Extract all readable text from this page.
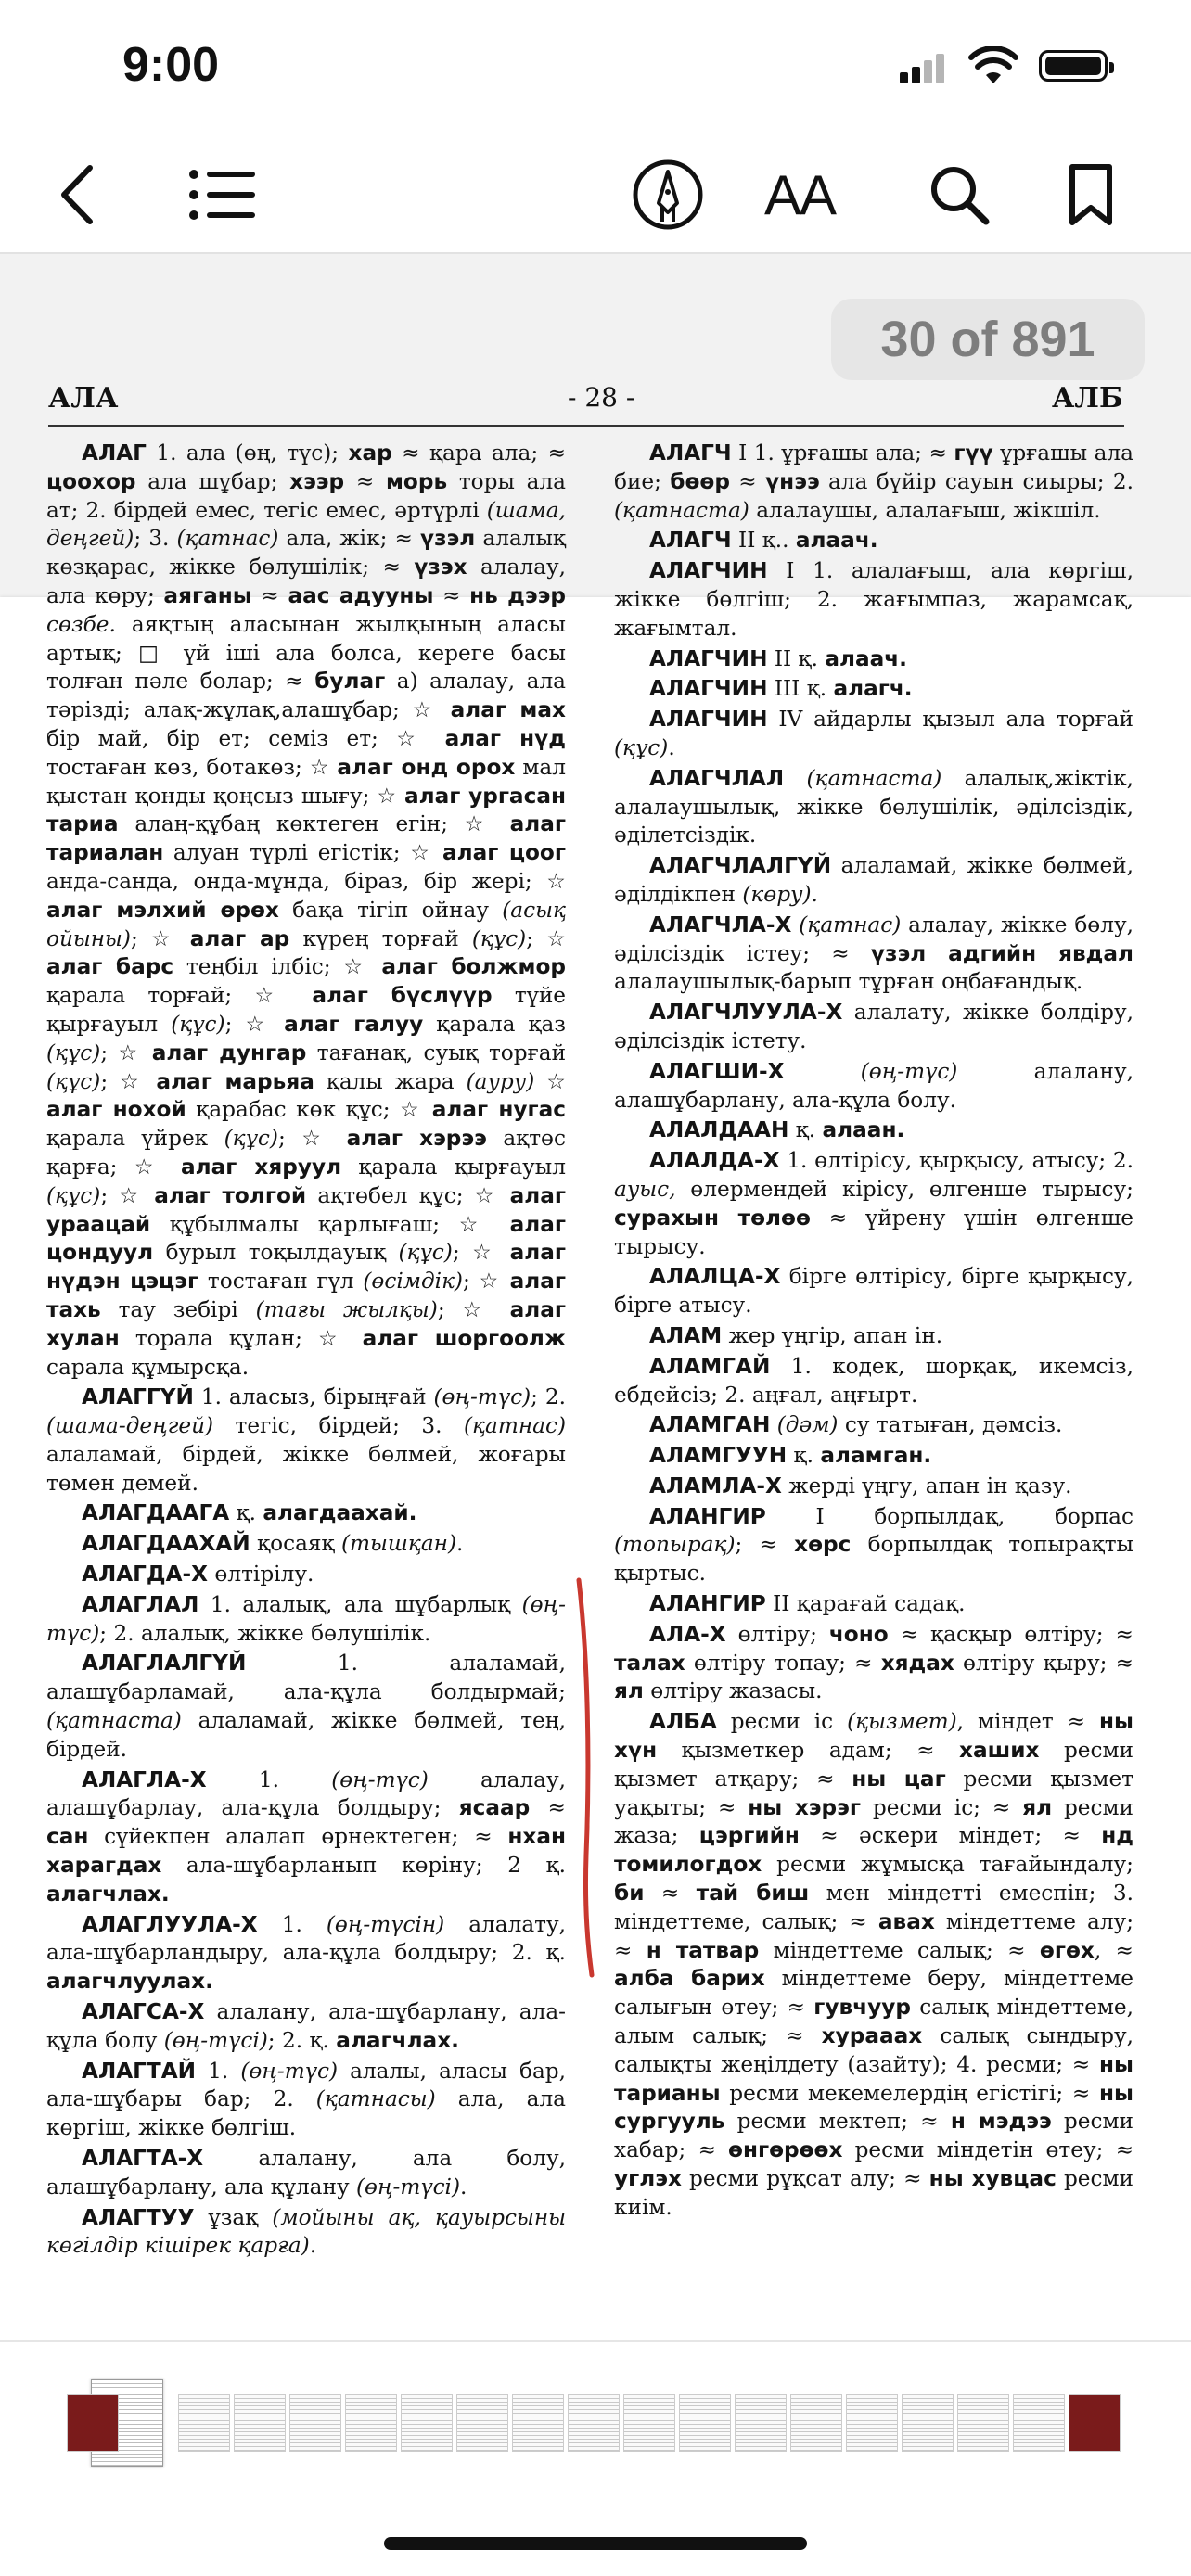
9:00
AA
30 of 891
АЛА	- 28 -	АЛБ

АЛАГ 1. ала (өң, түс); хар ≈ қара ала; ≈ цоохор ала шұбар; хээр ≈ морь торы ала ат; 2. бірдей емес, тегіс емес, әртүрлі (шама, деңгей); 3. (қатнас) ала, жік; ≈ үзэл алалық көзқарас, жікке бөлушілік; ≈ үзэх алалау, ала көру; аяганы ≈ аас адууны ≈ нь дээр сөзбе. аяқтың аласынан жылқының аласы артық; □ үй іші ала болса, кереге басы толған пәле болар; ≈ булаг а) алалау, ала тәрізді; алақ-жұлақ,алашұбар; ☆ алаг мах бір май, бір ет; семіз ет; ☆ алаг нүд тостаған көз, ботакөз; ☆ алаг онд орох мал қыстан қонды қоңсыз шығу; ☆ алаг ургасан тариа алаң-құбаң көктеген егін; ☆ алаг тариалан алуан түрлі егістік; ☆ алаг цоог анда-санда, онда-мұнда, бірaз, бір жері; ☆ алаг мэлхий өрөх бақа тігіп ойнау (асық ойыны); ☆ алаг ар күрең торғай (құс); ☆ алаг барс теңбіл ілбіс; ☆ алаг болжмор қарала торғай; ☆ алаг бүслүүр түйе қырғауыл (құс); ☆ алаг галуу қарала қаз (құс); ☆ алаг дунгар тағанақ, суық торғай (құс); ☆ алаг марьяа қалы жара (ауру) ☆ алаг нохой қарабас көк құс; ☆ алаг нугас қарала үйрек (құс); ☆ алаг хэрээ ақтөс қарға; ☆ алаг хяруул қарала қырғауыл (құс); ☆ алаг толгой ақтөбел құс; ☆ алаг ураацай құбылмалы қарлығаш; ☆ алаг цондуул бурыл тоқылдауық (құс); ☆ алаг нүдэн цэцэг тостаған гүл (өсімдік); ☆ алаг тахь тау зебірі (тағы жылқы); ☆ алаг хулан торала құлан; ☆ алаг шоргоолж сарала құмырсқа.

АЛАГГҮЙ 1. аласыз, бірыңғай (өң-түс); 2. (шама-деңгей) тегіс, бірдей; 3. (қатнас) алаламай, бірдей, жікке бөлмей, жоғары төмен демей.

АЛАГДААГА қ. алагдаахай.

АЛАГДААХАЙ қосаяқ (тышқан).

АЛАГДА-Х өлтірілу.

АЛАГЛАЛ 1. алалық, ала шұбарлық (өң-түс); 2. алалық, жікке бөлушілік.

АЛАГЛАЛГҮЙ 1. алаламай, алашұбарламай, ала-құла болдырмай; (қатнаста) алаламай, жікке бөлмей, тең, бірдей.

АЛАГЛА-Х 1. (өң-түс) алалау, алашұбарлау, ала-құла болдыру; ясаар ≈ сан сүйекпен алалап өрнектеген; ≈ нхан харагдах ала-шұбарланып көріну; 2 қ. алагчлах.

АЛАГЛУУЛА-Х 1. (өң-түсін) алалату, ала-шұбарландыру, ала-құла болдыру; 2. қ. алагчлуулах.

АЛАГСА-Х алалану, ала-шұбарлану, ала-құла болу (өң-түсі); 2. қ. алагчлах.

АЛАГТАЙ 1. (өң-түс) алалы, аласы бар, ала-шұбары бар; 2. (қатнасы) ала, ала көргіш, жікке бөлгіш.

АЛАГТА-Х алалану, ала болу, алашұбарлану, ала құлану (өң-түсі).

АЛАГТУУ ұзақ (мойыны ақ, қауырсыны көгілдір кішірек қарға).

АЛАГЧ I 1. ұрғашы ала; ≈ гүү ұрғашы ала бие; бөөр ≈ үнээ ала бүйір сауын сиыры; 2. (қатнаста) алалаушы, алалағыш, жікшіл.

АЛАГЧ II қ.. алаач.

АЛАГЧИН I 1. алалағыш, ала көргіш, жікке бөлгіш; 2. жағымпаз, жарамсақ, жағымтал.

АЛАГЧИН II қ. алаач.

АЛАГЧИН III қ. алагч.

АЛАГЧИН IV айдарлы қызыл ала торғай (құс).

АЛАГЧЛАЛ (қатнаста) алалық,жіктік, алалаушылық, жікке бөлушілік, әділсіздік, әділетсіздік.

АЛАГЧЛАЛГҮЙ алаламай, жікке бөлмей, әділдікпен (көру).

АЛАГЧЛА-Х (қатнас) алалау, жікке бөлу, әділсіздік істеу; ≈ үзэл адгийн явдал алалаушылық-барып тұрған оңбағандық.

АЛАГЧЛУУЛА-Х алалату, жікке болдіру, әділсіздік істету.

АЛАГШИ-Х	(өң-түс) алалану, алашұбарлану, ала-құла болу.

АЛАЛДААН қ. алаан.

АЛАЛДА-Х 1. өлтірісу, қырқысу, атысу; 2. ауыс, өлермендей кірісу, өлгенше тырысу; сурахын төлөө ≈ үйрену үшін өлгенше тырысу.

АЛАЛЦА-Х бірге өлтірісу, бірге қырқысу, бірге атысу.

АЛАМ жер үңгір, апан ін.

АЛАМГАЙ 1. кодек, шорқақ, икемсіз, ебдейсіз; 2. аңғал, аңғырт.

АЛАМГАН (дәм) су татыған, дәмсіз.

АЛАМГУУН қ. аламган.

АЛАМЛА-Х жерді үңгу, апан ін қазу.

АЛАНГИР I борпылдақ, борпас (топырақ); ≈ хөрс борпылдақ топырақты қыртыс.

АЛАНГИР II қарағай садақ.

АЛА-Х өлтіру; чоно ≈ қасқыр өлтіру; ≈ талах өлтіру топау; ≈ хядах өлтіру қыру; ≈ ял өлтіру жазасы.

АЛБА ресми іс (қызмет), міндет ≈ ны хүн қызметкер адам; ≈ хаших ресми қызмет атқару; ≈ ны цаг ресми қызмет уақыты; ≈ ны хэрэг ресми іс; ≈ ял ресми жаза; цэргийн ≈ әскери міндет; ≈ нд томилогдох ресми жұмысқа тағайындалу; би ≈ тай биш мен міндетті емеспін; 3. міндеттеме, салық; ≈ авах міндеттеме алу; ≈ н татвар міндеттеме салық; ≈ өгөх, ≈ алба барих міндеттеме беру, міндеттеме салығын өтеу; ≈ гувчуур салық міндеттеме, алым салық; ≈ хурааах салық сындыру, салықты жеңілдету (азайту); 4. ресми; ≈ ны тарианы ресми мекемелердің егістігі; ≈ ны сургууль ресми мектеп; ≈ н мэдээ ресми хабар; ≈ өнгөрөөх ресми міндетін өтеу; ≈ углэх ресми рұқсат алу; ≈ ны хувцас ресми киім.
